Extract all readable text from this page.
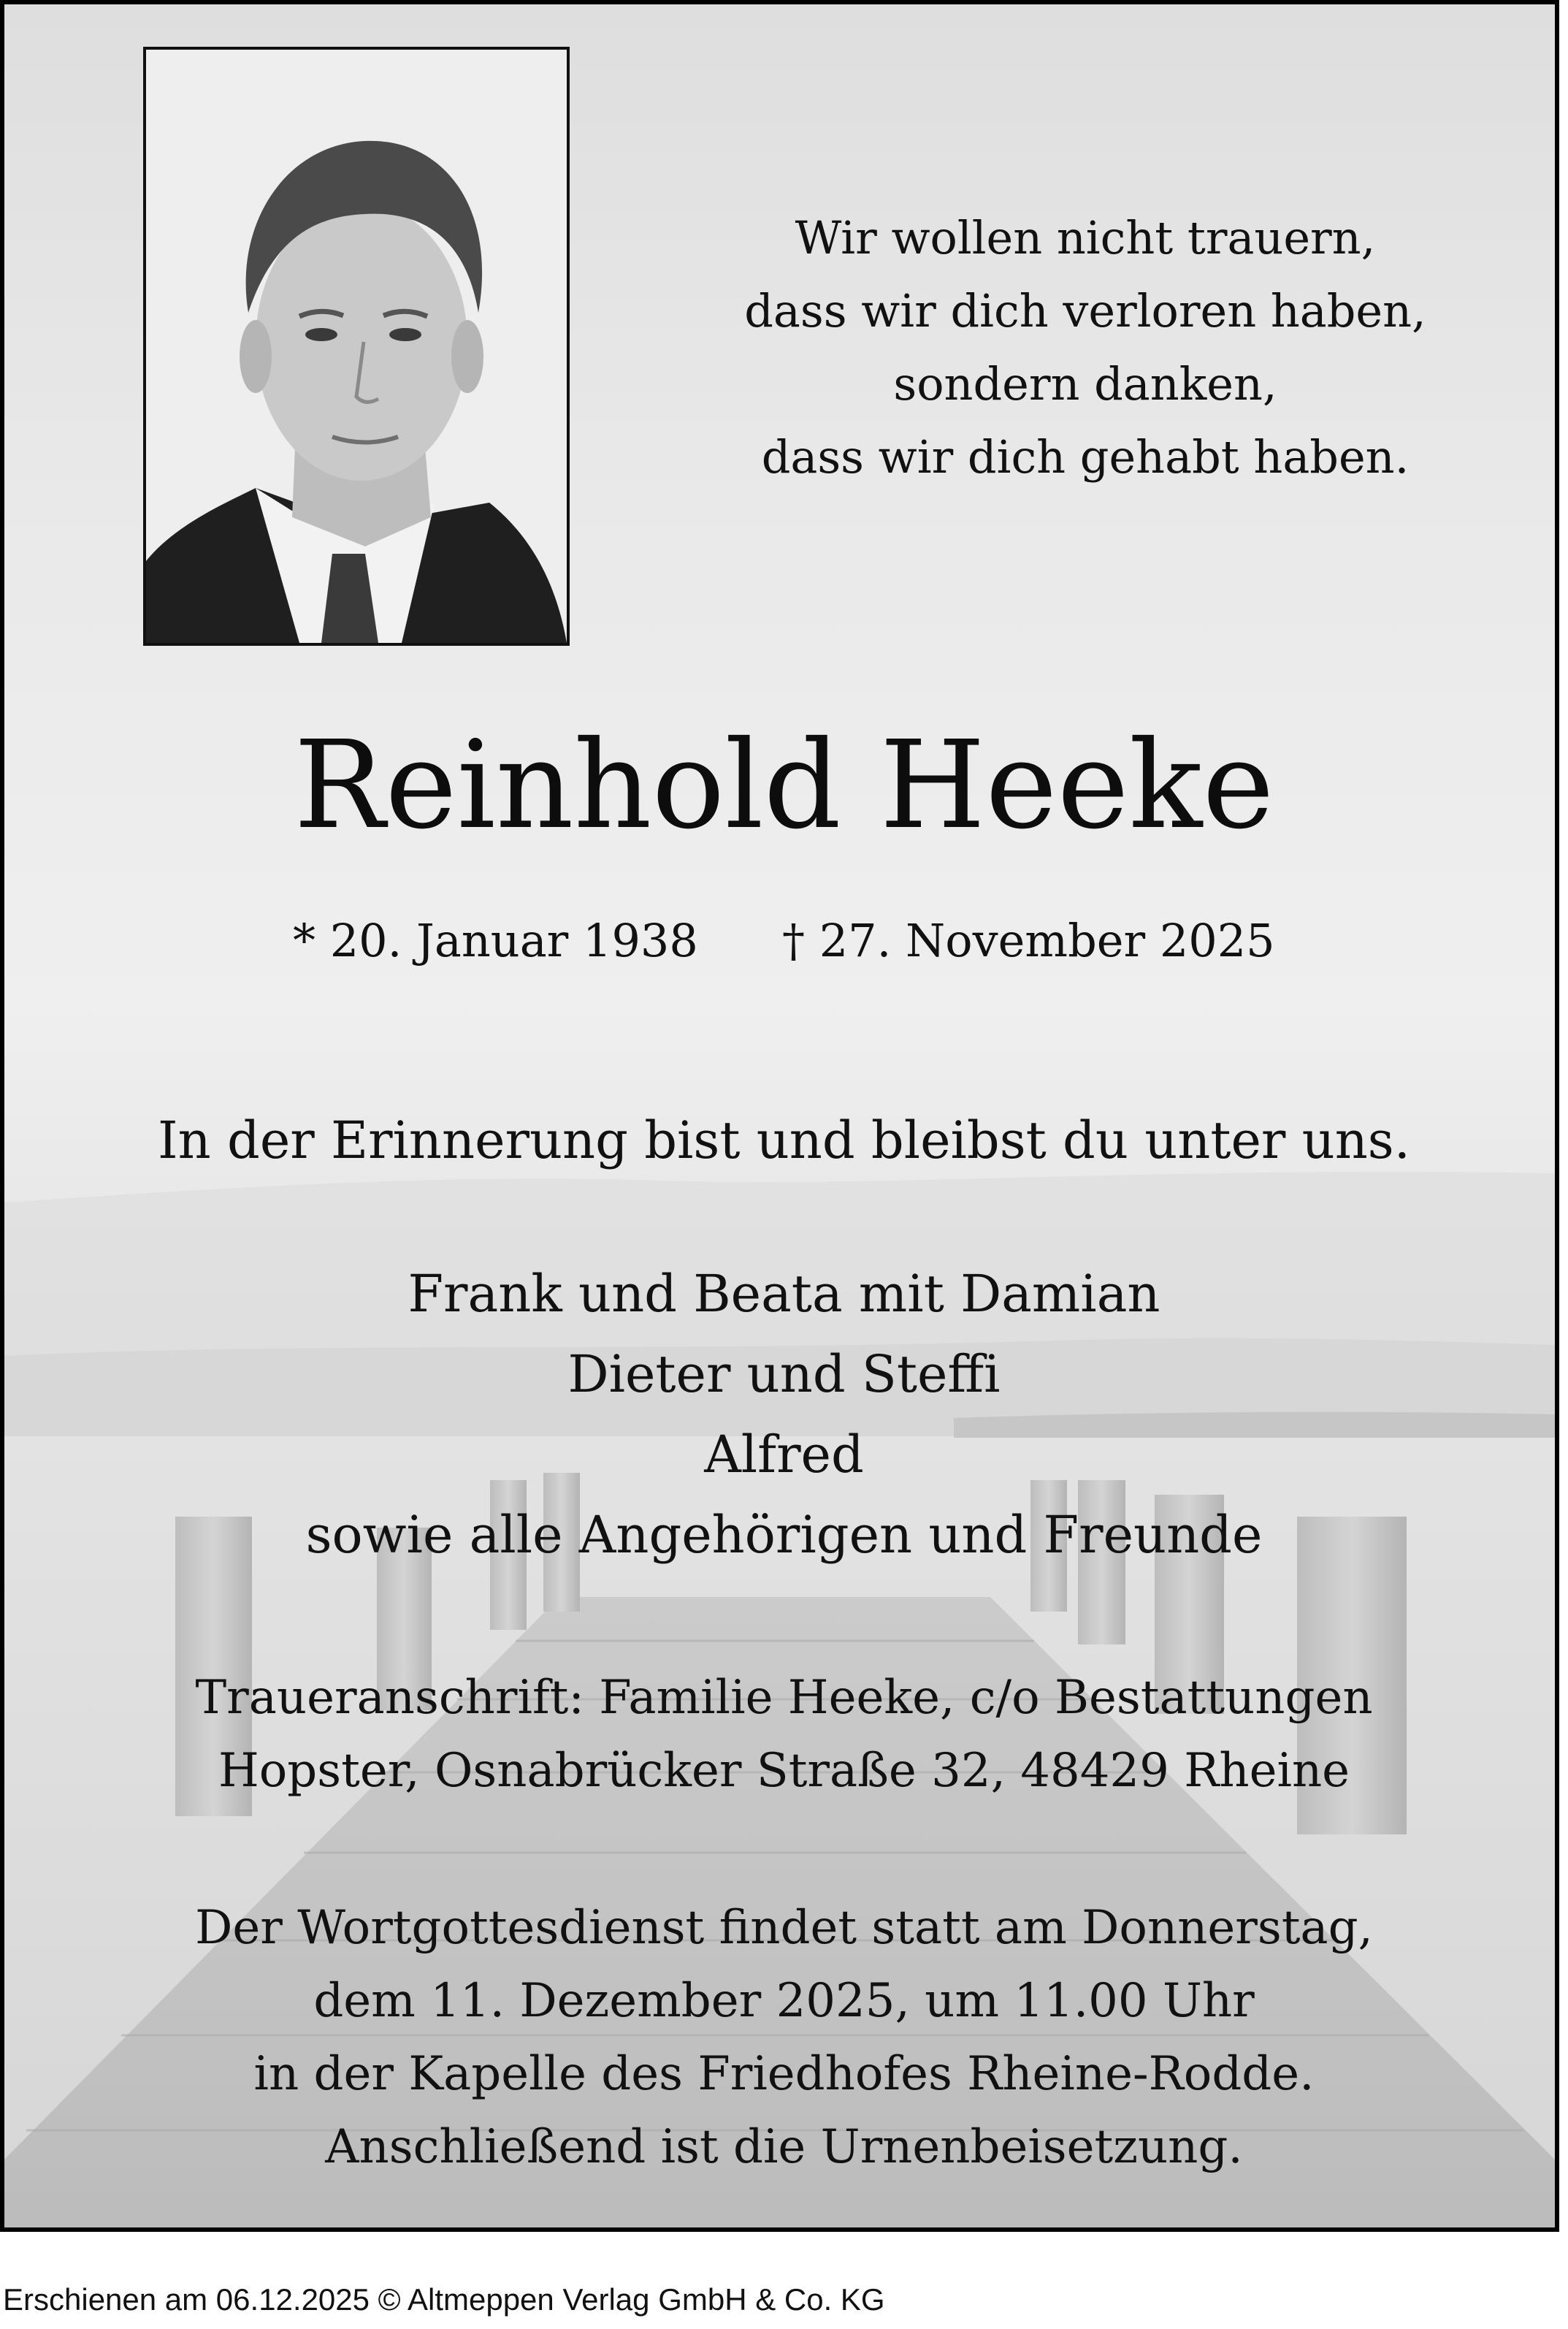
Wir wollen nicht trauern,
dass wir dich verloren haben,
sondern danken,
dass wir dich gehabt haben.
Reinhold Heeke
* 20. Januar 1938 † 27. November 2025
In der Erinnerung bist und bleibst du unter uns.
Frank und Beata mit Damian
Dieter und Steffi
Alfred
sowie alle Angehörigen und Freunde
Traueranschrift: Familie Heeke, c/o Bestattungen
Hopster, Osnabrücker Straße 32, 48429 Rheine
Der Wortgottesdienst findet statt am Donnerstag,
dem 11. Dezember 2025, um 11.00 Uhr
in der Kapelle des Friedhofes Rheine-Rodde.
Anschließend ist die Urnenbeisetzung.
Erschienen am 06.12.2025 © Altmeppen Verlag GmbH & Co. KG
